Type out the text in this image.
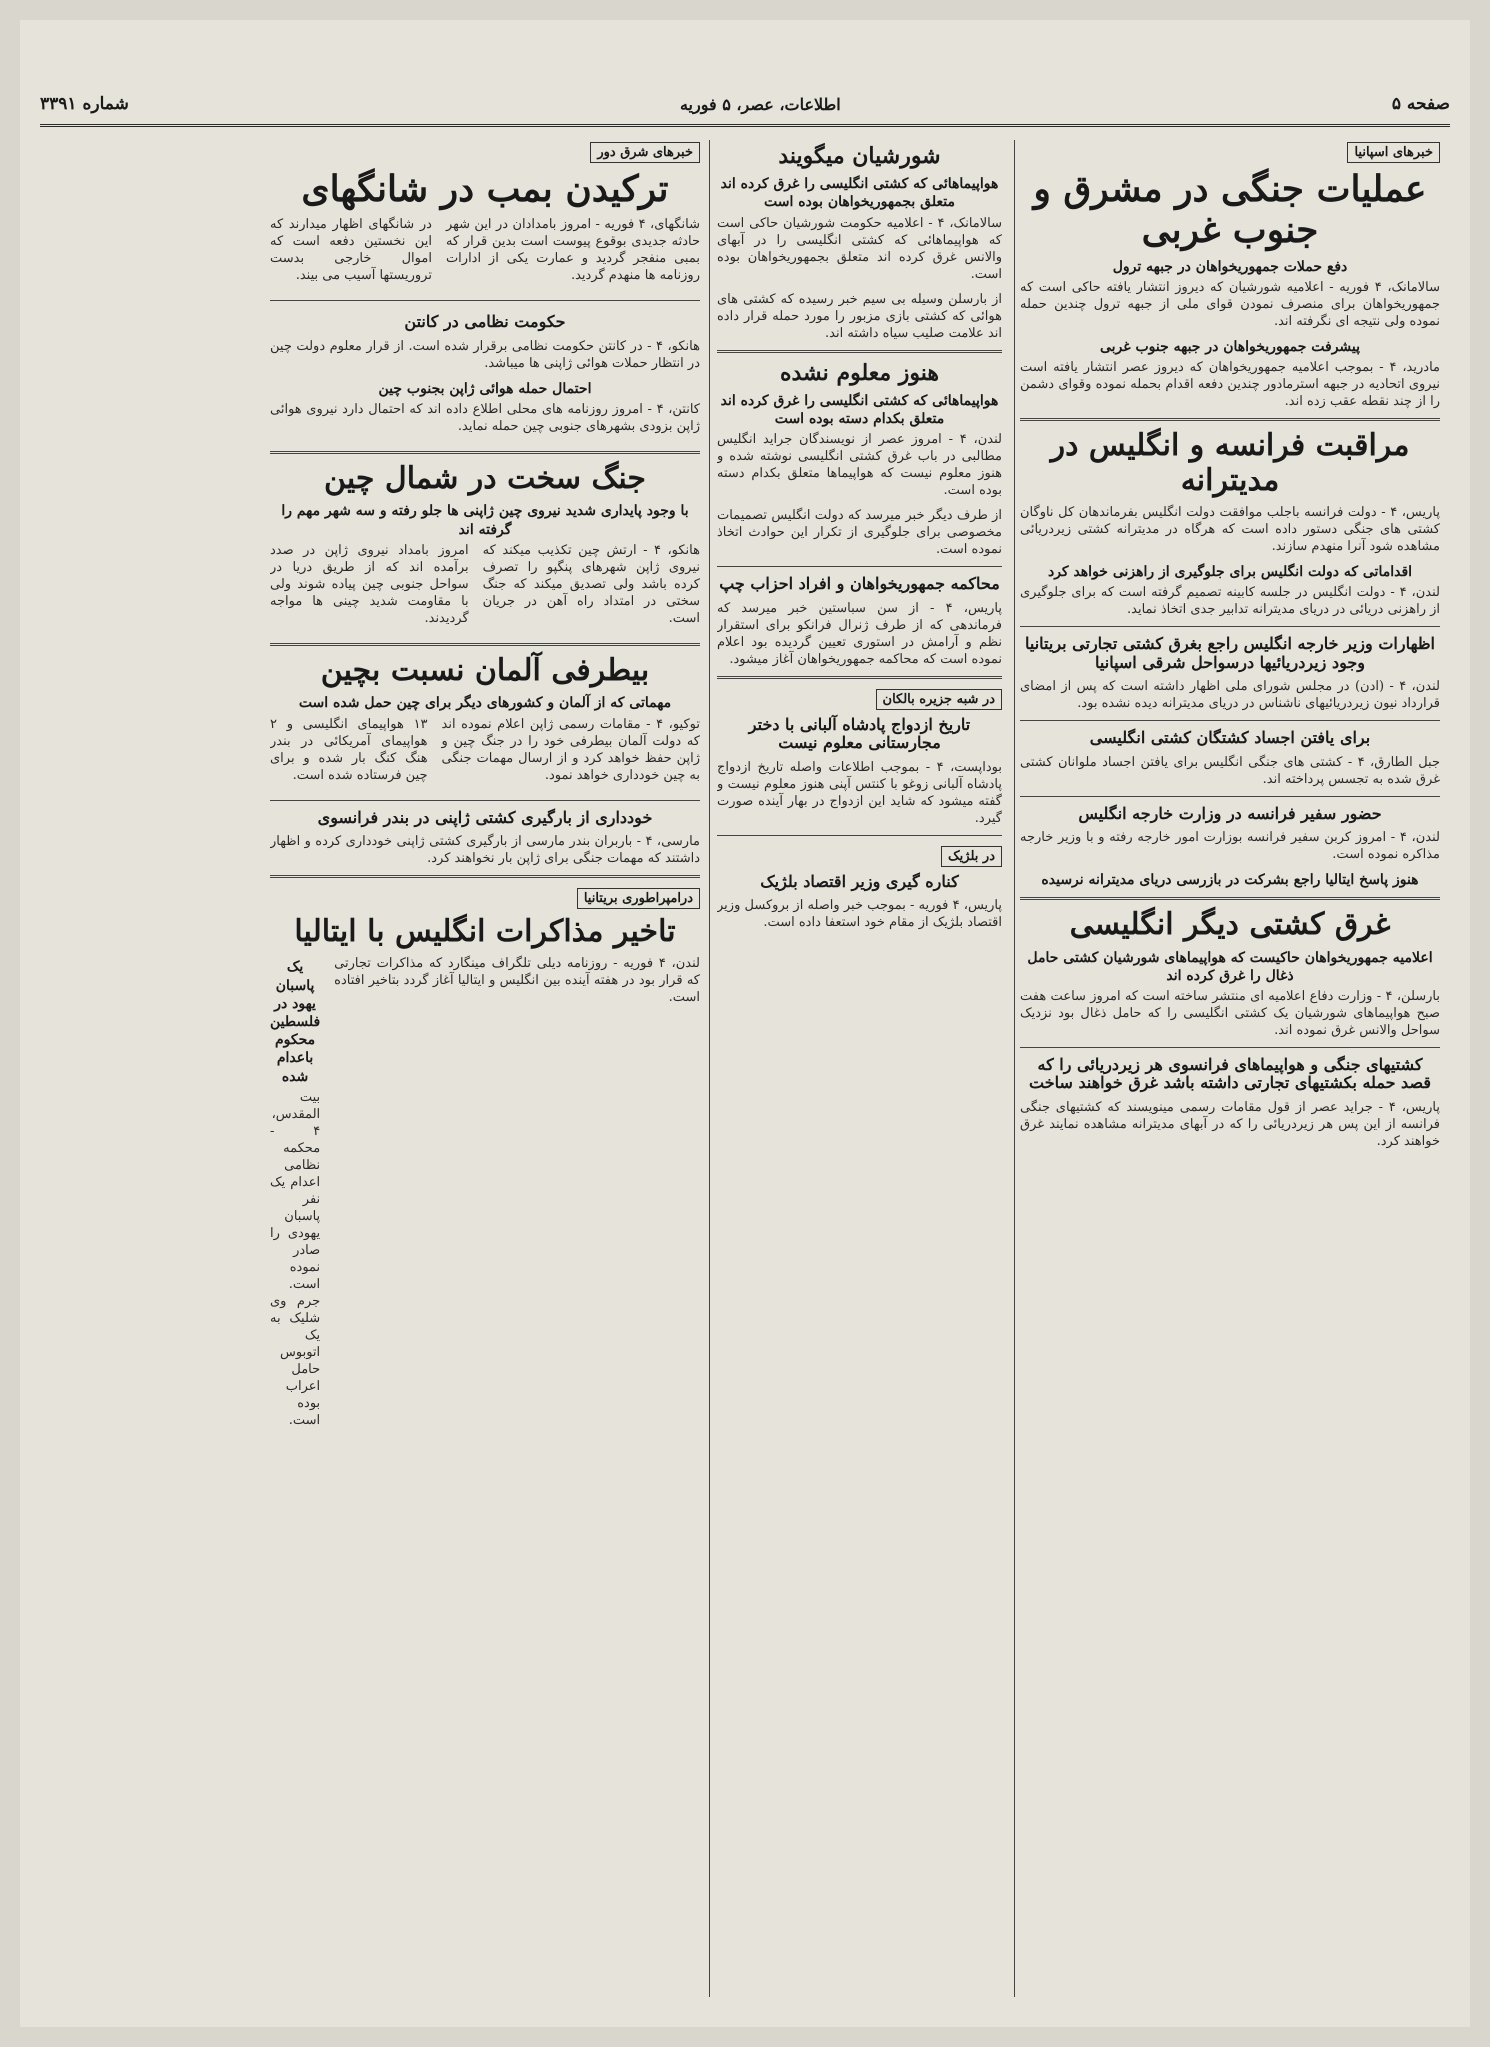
صفحه ۵
اطلاعات، عصر، ۵ فوریه
شماره ۳۳۹۱
خبرهای اسپانیا
عملیات جنگی در مشرق و جنوب غربی
دفع حملات جمهوریخواهان در جبهه ترول

سالامانک، ۴ فوریه - اعلامیه شورشیان که دیروز انتشار یافته حاکی است که جمهوریخواهان برای منصرف نمودن قوای ملی از جبهه ترول چندین حمله نموده ولی نتیجه ای نگرفته اند.

پیشرفت جمهوریخواهان در جبهه جنوب غربی

مادرید، ۴ - بموجب اعلامیه جمهوریخواهان که دیروز عصر انتشار یافته است نیروی اتحادیه در جبهه استرمادور چندین دفعه اقدام بحمله نموده وقوای دشمن را از چند نقطه عقب زده اند.

مراقبت فرانسه و انگلیس در مدیترانه

پاریس، ۴ - دولت فرانسه باجلب موافقت دولت انگلیس بفرماندهان کل ناوگان کشتی های جنگی دستور داده است که هرگاه در مدیترانه کشتی زیردریائی مشاهده شود آنرا منهدم سازند.

اقداماتی که دولت انگلیس برای جلوگیری از راهزنی خواهد کرد

لندن، ۴ - دولت انگلیس در جلسه کابینه تصمیم گرفته است که برای جلوگیری از راهزنی دریائی در دریای مدیترانه تدابیر جدی اتخاذ نماید.

اظهارات وزیر خارجه انگلیس راجع بغرق کشتی تجارتی بریتانیا وجود زیردریائیها درسواحل شرقی اسپانیا

لندن، ۴ - (ادن) در مجلس شورای ملی اظهار داشته است که پس از امضای قرارداد نیون زیردریائیهای ناشناس در دریای مدیترانه دیده نشده بود.

برای یافتن اجساد کشتگان کشتی انگلیسی

جبل الطارق، ۴ - کشتی های جنگی انگلیس برای یافتن اجساد ملوانان کشتی غرق شده به تجسس پرداخته اند.

حضور سفیر فرانسه در وزارت خارجه انگلیس

لندن، ۴ - امروز کربن سفیر فرانسه بوزارت امور خارجه رفته و با وزیر خارجه مذاکره نموده است.

هنوز پاسخ ایتالیا راجع بشرکت در بازرسی دریای مدیترانه نرسیده
غرق کشتی دیگر انگلیسی
اعلامیه جمهوریخواهان حاکیست که هواپیماهای شورشیان کشتی حامل ذغال را غرق کرده اند

بارسلن، ۴ - وزارت دفاع اعلامیه ای منتشر ساخته است که امروز ساعت هفت صبح هواپیماهای شورشیان یک کشتی انگلیسی را که حامل ذغال بود نزدیک سواحل والانس غرق نموده اند.

کشتیهای جنگی و هواپیماهای فرانسوی هر زیردریائی را که قصد حمله بکشتیهای تجارتی داشته باشد غرق خواهند ساخت

پاریس، ۴ - جراید عصر از قول مقامات رسمی مینویسند که کشتیهای جنگی فرانسه از این پس هر زیردریائی را که در آبهای مدیترانه مشاهده نمایند غرق خواهند کرد.

شورشیان میگویند
هواپیماهائی که کشتی انگلیسی را غرق کرده اند متعلق بجمهوریخواهان بوده است

سالامانک، ۴ - اعلامیه حکومت شورشیان حاکی است که هواپیماهائی که کشتی انگلیسی را در آبهای والانس غرق کرده اند متعلق بجمهوریخواهان بوده است.

از بارسلن وسیله بی سیم خبر رسیده که کشتی های هوائی که کشتی بازی مزبور را مورد حمله قرار داده اند علامت صلیب سیاه داشته اند.

هنوز معلوم نشده
هواپیماهائی که کشتی انگلیسی را غرق کرده اند متعلق بکدام دسته بوده است

لندن، ۴ - امروز عصر از نویسندگان جراید انگلیس مطالبی در باب غرق کشتی انگلیسی نوشته شده و هنوز معلوم نیست که هواپیماها متعلق بکدام دسته بوده است.

از طرف دیگر خبر میرسد که دولت انگلیس تصمیمات مخصوصی برای جلوگیری از تکرار این حوادث اتخاذ نموده است.

محاکمه جمهوریخواهان و افراد احزاب چپ

پاریس، ۴ - از سن سباستین خبر میرسد که فرماندهی که از طرف ژنرال فرانکو برای استقرار نظم و آرامش در استوری تعیین گردیده بود اعلام نموده است که محاکمه جمهوریخواهان آغاز میشود.

در شبه جزیره بالکان
تاریخ ازدواج پادشاه آلبانی با دختر مجارستانی معلوم نیست

بوداپست، ۴ - بموجب اطلاعات واصله تاریخ ازدواج پادشاه آلبانی زوغو با کنتس آپنی هنوز معلوم نیست و گفته میشود که شاید این ازدواج در بهار آینده صورت گیرد.

در بلژیک
کناره گیری وزیر اقتصاد بلژیک

پاریس، ۴ فوریه - بموجب خبر واصله از بروکسل وزیر اقتصاد بلژیک از مقام خود استعفا داده است.

خبرهای شرق دور
ترکیدن بمب در شانگهای

شانگهای، ۴ فوریه - امروز بامدادان در این شهر حادثه جدیدی بوقوع پیوست است بدین قرار که بمبی منفجر گردید و عمارت یکی از ادارات روزنامه ها منهدم گردید.

در شانگهای اظهار میدارند که این نخستین دفعه است که اموال خارجی بدست تروریستها آسیب می بیند.

حکومت نظامی در کانتن

هانکو، ۴ - در کانتن حکومت نظامی برقرار شده است. از قرار معلوم دولت چین در انتظار حملات هوائی ژاپنی ها میباشد.

احتمال حمله هوائی ژاپن بجنوب چین

کانتن، ۴ - امروز روزنامه های محلی اطلاع داده اند که احتمال دارد نیروی هوائی ژاپن بزودی بشهرهای جنوبی چین حمله نماید.

جنگ سخت در شمال چین
با وجود پایداری شدید نیروی چین ژاپنی ها جلو رفته و سه شهر مهم را گرفته اند

هانکو، ۴ - ارتش چین تکذیب میکند که نیروی ژاپن شهرهای پنگپو را تصرف کرده باشد ولی تصدیق میکند که جنگ سختی در امتداد راه آهن در جریان است.

امروز بامداد نیروی ژاپن در صدد برآمده اند که از طریق دریا در سواحل جنوبی چین پیاده شوند ولی با مقاومت شدید چینی ها مواجه گردیدند.

بیطرفی آلمان نسبت بچین
مهماتی که از آلمان و کشورهای دیگر برای چین حمل شده است

توکیو، ۴ - مقامات رسمی ژاپن اعلام نموده اند که دولت آلمان بیطرفی خود را در جنگ چین و ژاپن حفظ خواهد کرد و از ارسال مهمات جنگی به چین خودداری خواهد نمود.

۱۳ هواپیمای انگلیسی و ۲ هواپیمای آمریکائی در بندر هنگ کنگ بار شده و برای چین فرستاده شده است.

خودداری از بارگیری کشتی ژاپنی در بندر فرانسوی

مارسی، ۴ - باربران بندر مارسی از بارگیری کشتی ژاپنی خودداری کرده و اظهار داشتند که مهمات جنگی برای ژاپن بار نخواهند کرد.

درامپراطوری بریتانیا
تاخیر مذاکرات انگلیس با ایتالیا

لندن، ۴ فوریه - روزنامه دیلی تلگراف مینگارد که مذاکرات تجارتی که قرار بود در هفته آینده بین انگلیس و ایتالیا آغاز گردد بتاخیر افتاده است.

یک پاسبان یهود در فلسطین محکوم باعدام شده

بیت المقدس، ۴ - محکمه نظامی اعدام یک نفر پاسبان یهودی را صادر نموده است. جرم وی شلیک به یک اتوبوس حامل اعراب بوده است.
